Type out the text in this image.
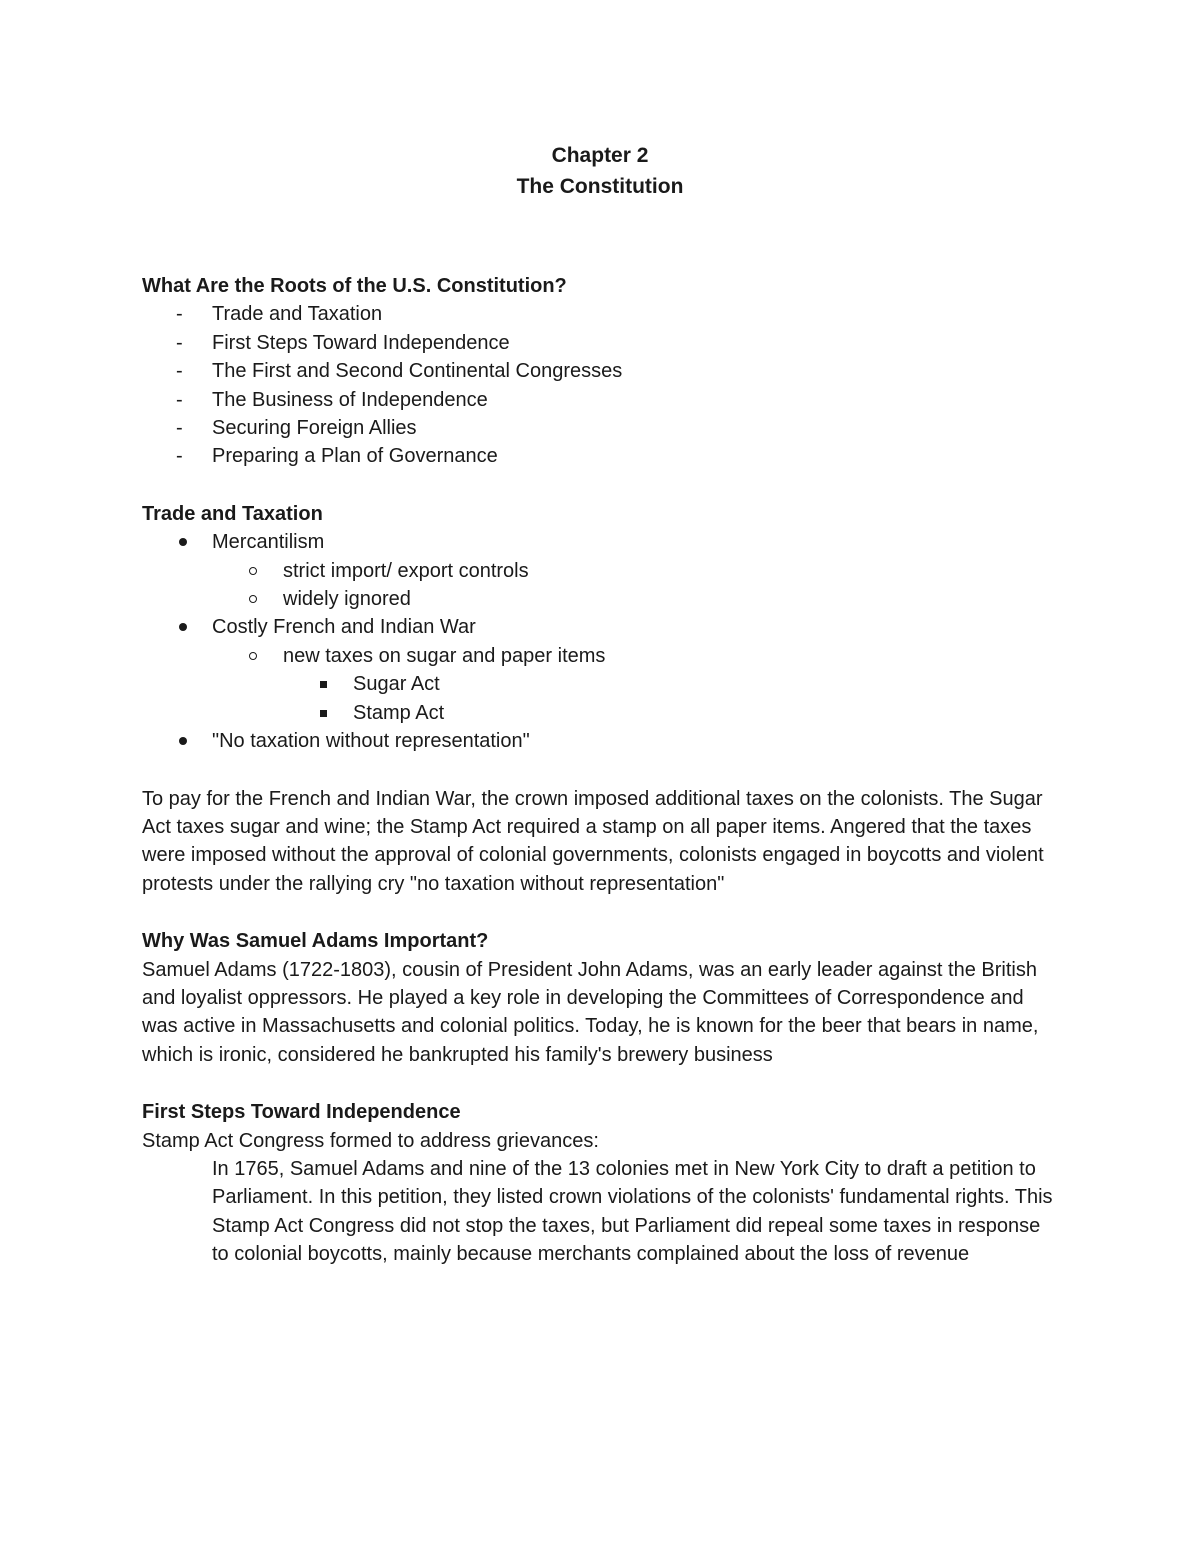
Chapter 2
The Constitution
What Are the Roots of the U.S. Constitution?
- Trade and Taxation
- First Steps Toward Independence
- The First and Second Continental Congresses
- The Business of Independence
- Securing Foreign Allies
- Preparing a Plan of Governance
Trade and Taxation
Mercantilism
strict import/ export controls
widely ignored
Costly French and Indian War
new taxes on sugar and paper items
Sugar Act
Stamp Act
"No taxation without representation"

To pay for the French and Indian War, the crown imposed additional taxes on the colonists. The Sugar Act taxes sugar and wine; the Stamp Act required a stamp on all paper items. Angered that the taxes were imposed without the approval of colonial governments, colonists engaged in boycotts and violent protests under the rallying cry "no taxation without representation"

Why Was Samuel Adams Important?

Samuel Adams (1722-1803), cousin of President John Adams, was an early leader against the British and loyalist oppressors. He played a key role in developing the Committees of Correspondence and was active in Massachusetts and colonial politics. Today, he is known for the beer that bears in name, which is ironic, considered he bankrupted his family's brewery business

First Steps Toward Independence

Stamp Act Congress formed to address grievances:

In 1765, Samuel Adams and nine of the 13 colonies met in New York City to draft a petition to Parliament. In this petition, they listed crown violations of the colonists' fundamental rights. This Stamp Act Congress did not stop the taxes, but Parliament did repeal some taxes in response to colonial boycotts, mainly because merchants complained about the loss of revenue
